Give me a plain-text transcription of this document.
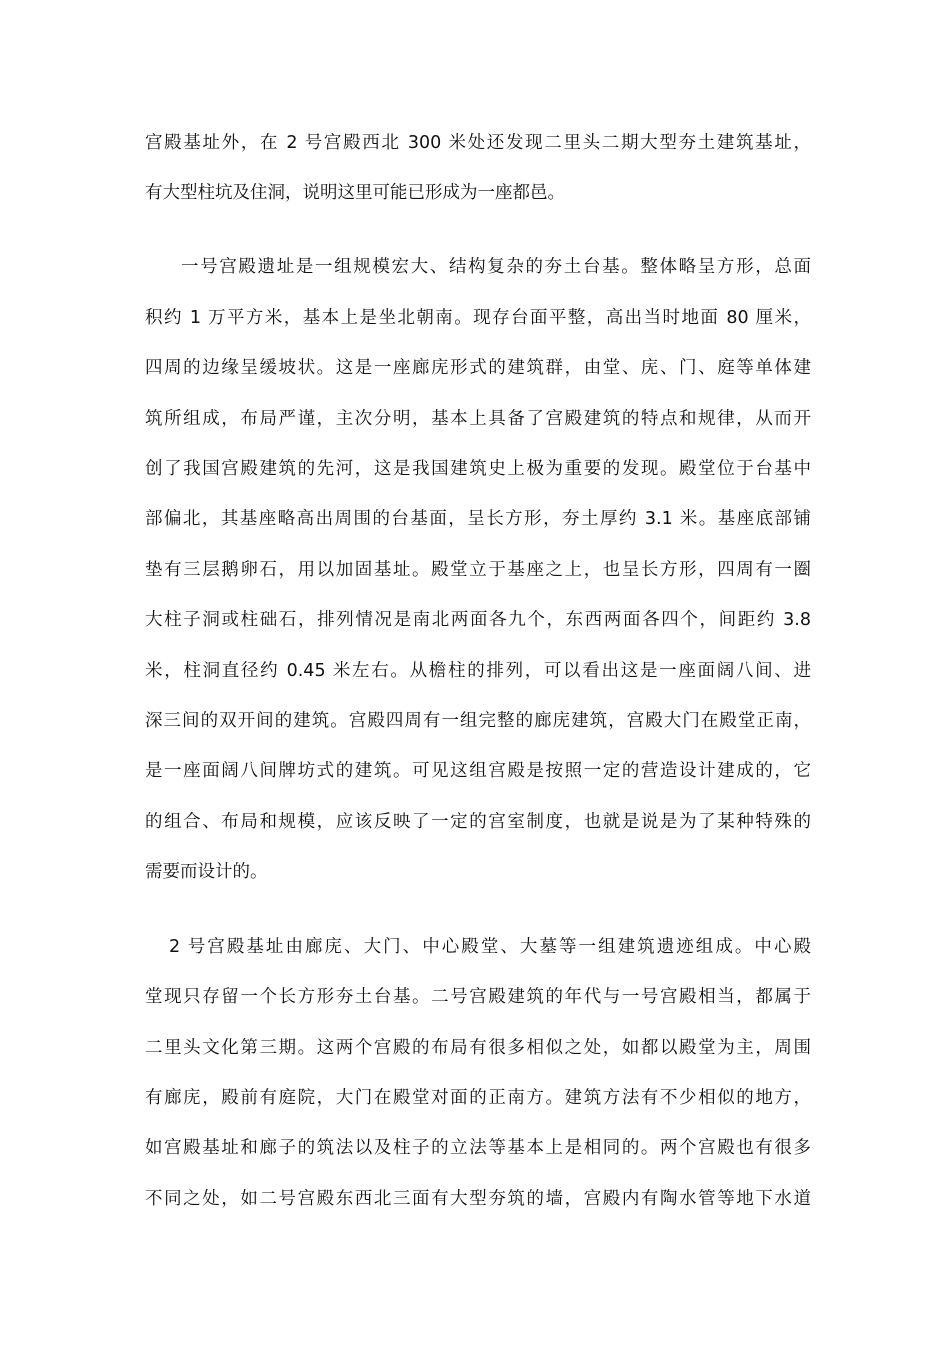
宫殿基址外，在 2 号宫殿西北 300 米处还发现二里头二期大型夯土建筑基址，
有大型柱坑及住洞，说明这里可能已形成为一座都邑。
一号宫殿遗址是一组规模宏大、结构复杂的夯土台基。整体略呈方形，总面
积约 1 万平方米，基本上是坐北朝南。现存台面平整，高出当时地面 80 厘米，
四周的边缘呈缓坡状。这是一座廊庑形式的建筑群，由堂、庑、门、庭等单体建
筑所组成，布局严谨，主次分明，基本上具备了宫殿建筑的特点和规律，从而开
创了我国宫殿建筑的先河，这是我国建筑史上极为重要的发现。殿堂位于台基中
部偏北，其基座略高出周围的台基面，呈长方形，夯土厚约 3.1 米。基座底部铺
垫有三层鹅卵石，用以加固基址。殿堂立于基座之上，也呈长方形，四周有一圈
大柱子洞或柱础石，排列情况是南北两面各九个，东西两面各四个，间距约 3.8
米，柱洞直径约 0.45 米左右。从檐柱的排列，可以看出这是一座面阔八间、进
深三间的双开间的建筑。宫殿四周有一组完整的廊庑建筑，宫殿大门在殿堂正南，
是一座面阔八间牌坊式的建筑。可见这组宫殿是按照一定的营造设计建成的，它
的组合、布局和规模，应该反映了一定的宫室制度，也就是说是为了某种特殊的
需要而设计的。
2 号宫殿基址由廊庑、大门、中心殿堂、大墓等一组建筑遗迹组成。中心殿
堂现只存留一个长方形夯土台基。二号宫殿建筑的年代与一号宫殿相当，都属于
二里头文化第三期。这两个宫殿的布局有很多相似之处，如都以殿堂为主，周围
有廊庑，殿前有庭院，大门在殿堂对面的正南方。建筑方法有不少相似的地方，
如宫殿基址和廊子的筑法以及柱子的立法等基本上是相同的。两个宫殿也有很多
不同之处，如二号宫殿东西北三面有大型夯筑的墙，宫殿内有陶水管等地下水道
